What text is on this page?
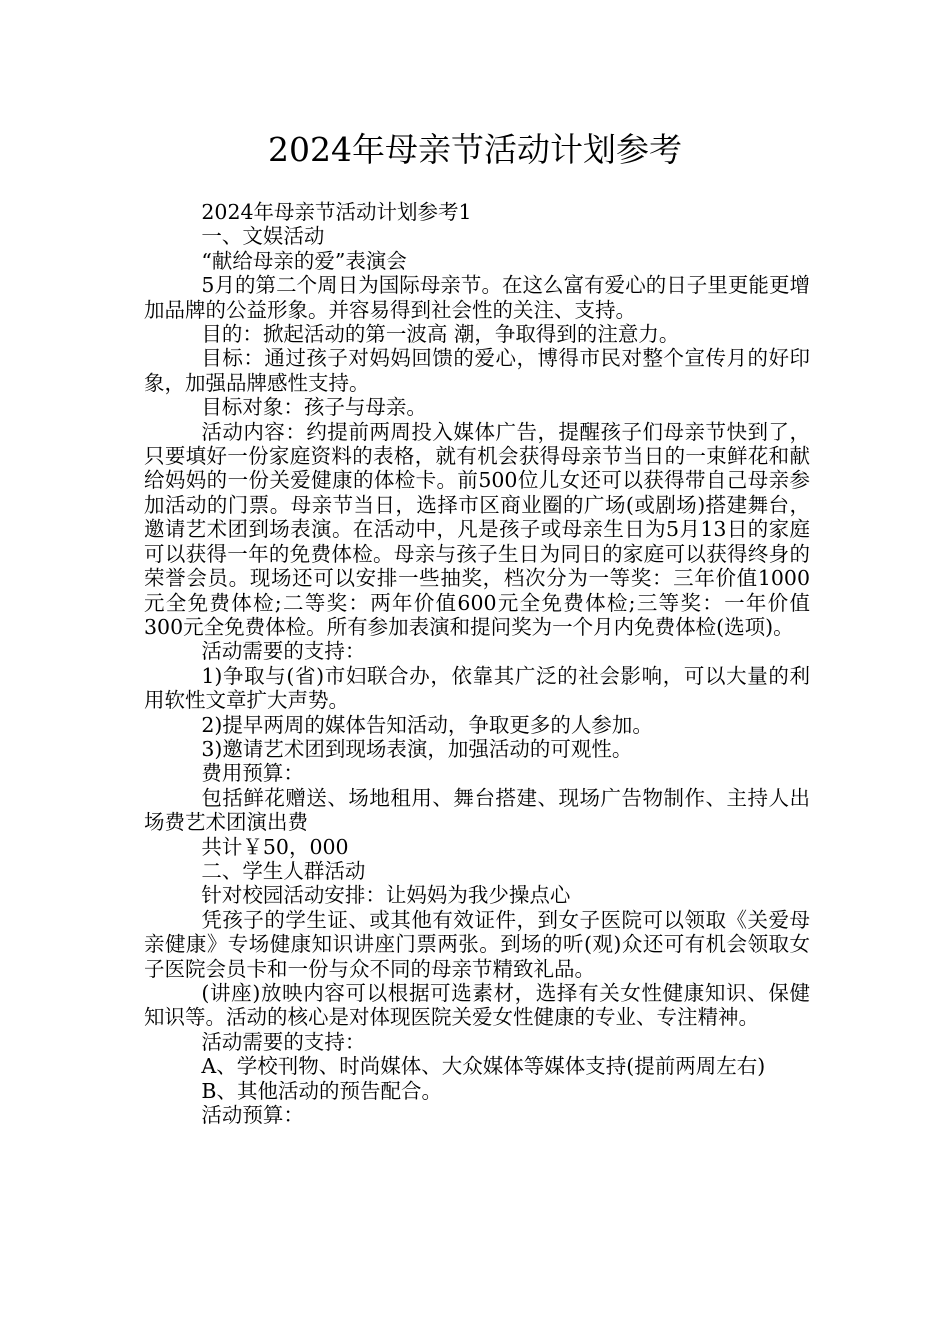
2024年母亲节活动计划参考

2024年母亲节活动计划参考1

一、文娱活动

“献给母亲的爱”表演会

5月的第二个周日为国际母亲节。在这么富有爱心的日子里更能更增加品牌的公益形象。并容易得到社会性的关注、支持。

目的：掀起活动的第一波高 潮，争取得到的注意力。

目标：通过孩子对妈妈回馈的爱心，博得市民对整个宣传月的好印象，加强品牌感性支持。

目标对象：孩子与母亲。

活动内容：约提前两周投入媒体广告，提醒孩子们母亲节快到了，只要填好一份家庭资料的表格，就有机会获得母亲节当日的一束鲜花和献给妈妈的一份关爱健康的体检卡。前500位儿女还可以获得带自己母亲参加活动的门票。母亲节当日，选择市区商业圈的广场(或剧场)搭建舞台，邀请艺术团到场表演。在活动中，凡是孩子或母亲生日为5月13日的家庭可以获得一年的免费体检。母亲与孩子生日为同日的家庭可以获得终身的荣誉会员。现场还可以安排一些抽奖，档次分为一等奖：三年价值1000元全免费体检;二等奖：两年价值600元全免费体检;三等奖：一年价值300元全免费体检。所有参加表演和提问奖为一个月内免费体检(选项)。

活动需要的支持：

1)争取与(省)市妇联合办，依靠其广泛的社会影响，可以大量的利用软性文章扩大声势。

2)提早两周的媒体告知活动，争取更多的人参加。

3)邀请艺术团到现场表演，加强活动的可观性。

费用预算：

包括鲜花赠送、场地租用、舞台搭建、现场广告物制作、主持人出场费艺术团演出费

共计￥50，000

二、学生人群活动

针对校园活动安排：让妈妈为我少操点心

凭孩子的学生证、或其他有效证件，到女子医院可以领取《关爱母亲健康》专场健康知识讲座门票两张。到场的听(观)众还可有机会领取女子医院会员卡和一份与众不同的母亲节精致礼品。

(讲座)放映内容可以根据可选素材，选择有关女性健康知识、保健知识等。活动的核心是对体现医院关爱女性健康的专业、专注精神。

活动需要的支持：

A、学校刊物、时尚媒体、大众媒体等媒体支持(提前两周左右)

B、其他活动的预告配合。

活动预算：
